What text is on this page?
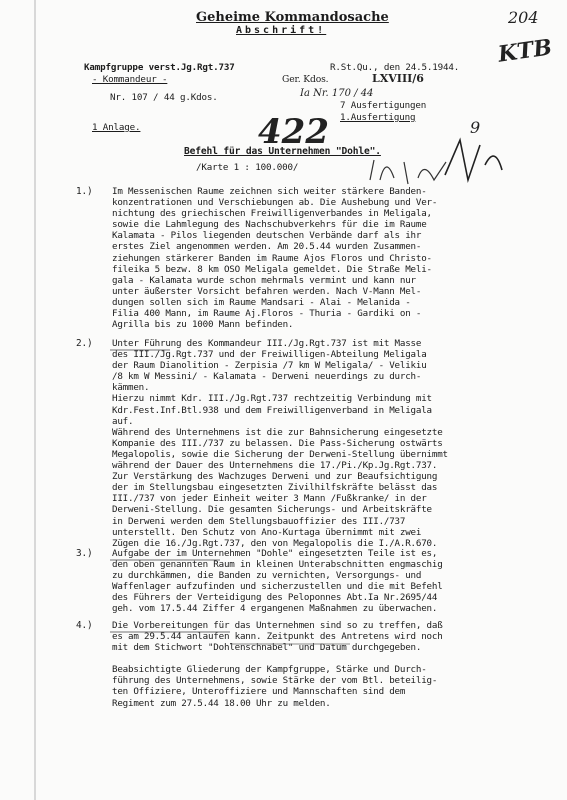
Geheime Kommandosache
Abschrift!
204
KTB
422	9
Ia Nr. 170 / 44
LXVIII/6
Kampfgruppe verst.Jg.Rgt.737
- Kommandeur -
Nr. 107 / 44 g.Kdos.
R.St.Qu., den 24.5.1944.
Ger. Kdos.
7 Ausfertigungen
1.Ausfertigung
1 Anlage.
Befehl für das Unternehmen "Dohle".
/Karte 1 : 100.000/
1.) Im Messenischen Raume zeichnen sich weiter stärkere Banden-
konzentrationen und Verschiebungen ab. Die Aushebung und Ver-
nichtung des griechischen Freiwilligenverbandes in Meligala,
sowie die Lahmlegung des Nachschubverkehrs für die im Raume
Kalamata - Pilos liegenden deutschen Verbände darf als ihr
erstes Ziel angenommen werden. Am 20.5.44 wurden Zusammen-
ziehungen stärkerer Banden im Raume Ajos Floros und Christo-
fileika 5 bezw. 8 km OSO Meligala gemeldet. Die Straße Meli-
gala - Kalamata wurde schon mehrmals vermint und kann nur
unter äußerster Vorsicht befahren werden. Nach V-Mann Mel-
dungen sollen sich im Raume Mandsari - Alai - Melanida -
Filia 400 Mann, im Raume Aj.Floros - Thuria - Gardiki on -
Agrilla bis zu 1000 Mann befinden.
2.) Unter Führung des Kommandeur III./Jg.Rgt.737 ist mit Masse
des III./Jg.Rgt.737 und der Freiwilligen-Abteilung Meligala
der Raum Dianolition - Zerpisia /7 km W Meligala/ - Velikiu
/8 km W Messini/ - Kalamata - Derweni neuerdings zu durch-
kämmen.
Hierzu nimmt Kdr. III./Jg.Rgt.737 rechtzeitig Verbindung mit
Kdr.Fest.Inf.Btl.938 und dem Freiwilligenverband in Meligala
auf.
Während des Unternehmens ist die zur Bahnsicherung eingesetzte
Kompanie des III./737 zu belassen. Die Pass-Sicherung ostwärts
Megalopolis, sowie die Sicherung der Derweni-Stellung übernimmt
während der Dauer des Unternehmens die 17./Pi./Kp.Jg.Rgt.737.
Zur Verstärkung des Wachzuges Derweni und zur Beaufsichtigung
der im Stellungsbau eingesetzten Zivilhilfskräfte belässt das
III./737 von jeder Einheit weiter 3 Mann /Fußkranke/ in der
Derweni-Stellung. Die gesamten Sicherungs- und Arbeitskräfte
in Derweni werden dem Stellungsbauoffizier des III./737
unterstellt. Den Schutz von Ano-Kurtaga übernimmt mit zwei
Zügen die 16./Jg.Rgt.737, den von Megalopolis die I./A.R.670.
3.) Aufgabe der im Unternehmen "Dohle" eingesetzten Teile ist es,
den oben genannten Raum in kleinen Unterabschnitten engmaschig
zu durchkämmen, die Banden zu vernichten, Versorgungs- und
Waffenlager aufzufinden und sicherzustellen und die mit Befehl
des Führers der Verteidigung des Peloponnes Abt.Ia Nr.2695/44
geh. vom 17.5.44 Ziffer 4 ergangenen Maßnahmen zu überwachen.
4.) Die Vorbereitungen für das Unternehmen sind so zu treffen, daß
es am 29.5.44 anlaufen kann. Zeitpunkt des Antretens wird noch
mit dem Stichwort "Dohlenschnabel" und Datum durchgegeben.
Beabsichtigte Gliederung der Kampfgruppe, Stärke und Durch-
führung des Unternehmens, sowie Stärke der vom Btl. beteilig-
ten Offiziere, Unteroffiziere und Mannschaften sind dem
Regiment zum 27.5.44 18.00 Uhr zu melden.
